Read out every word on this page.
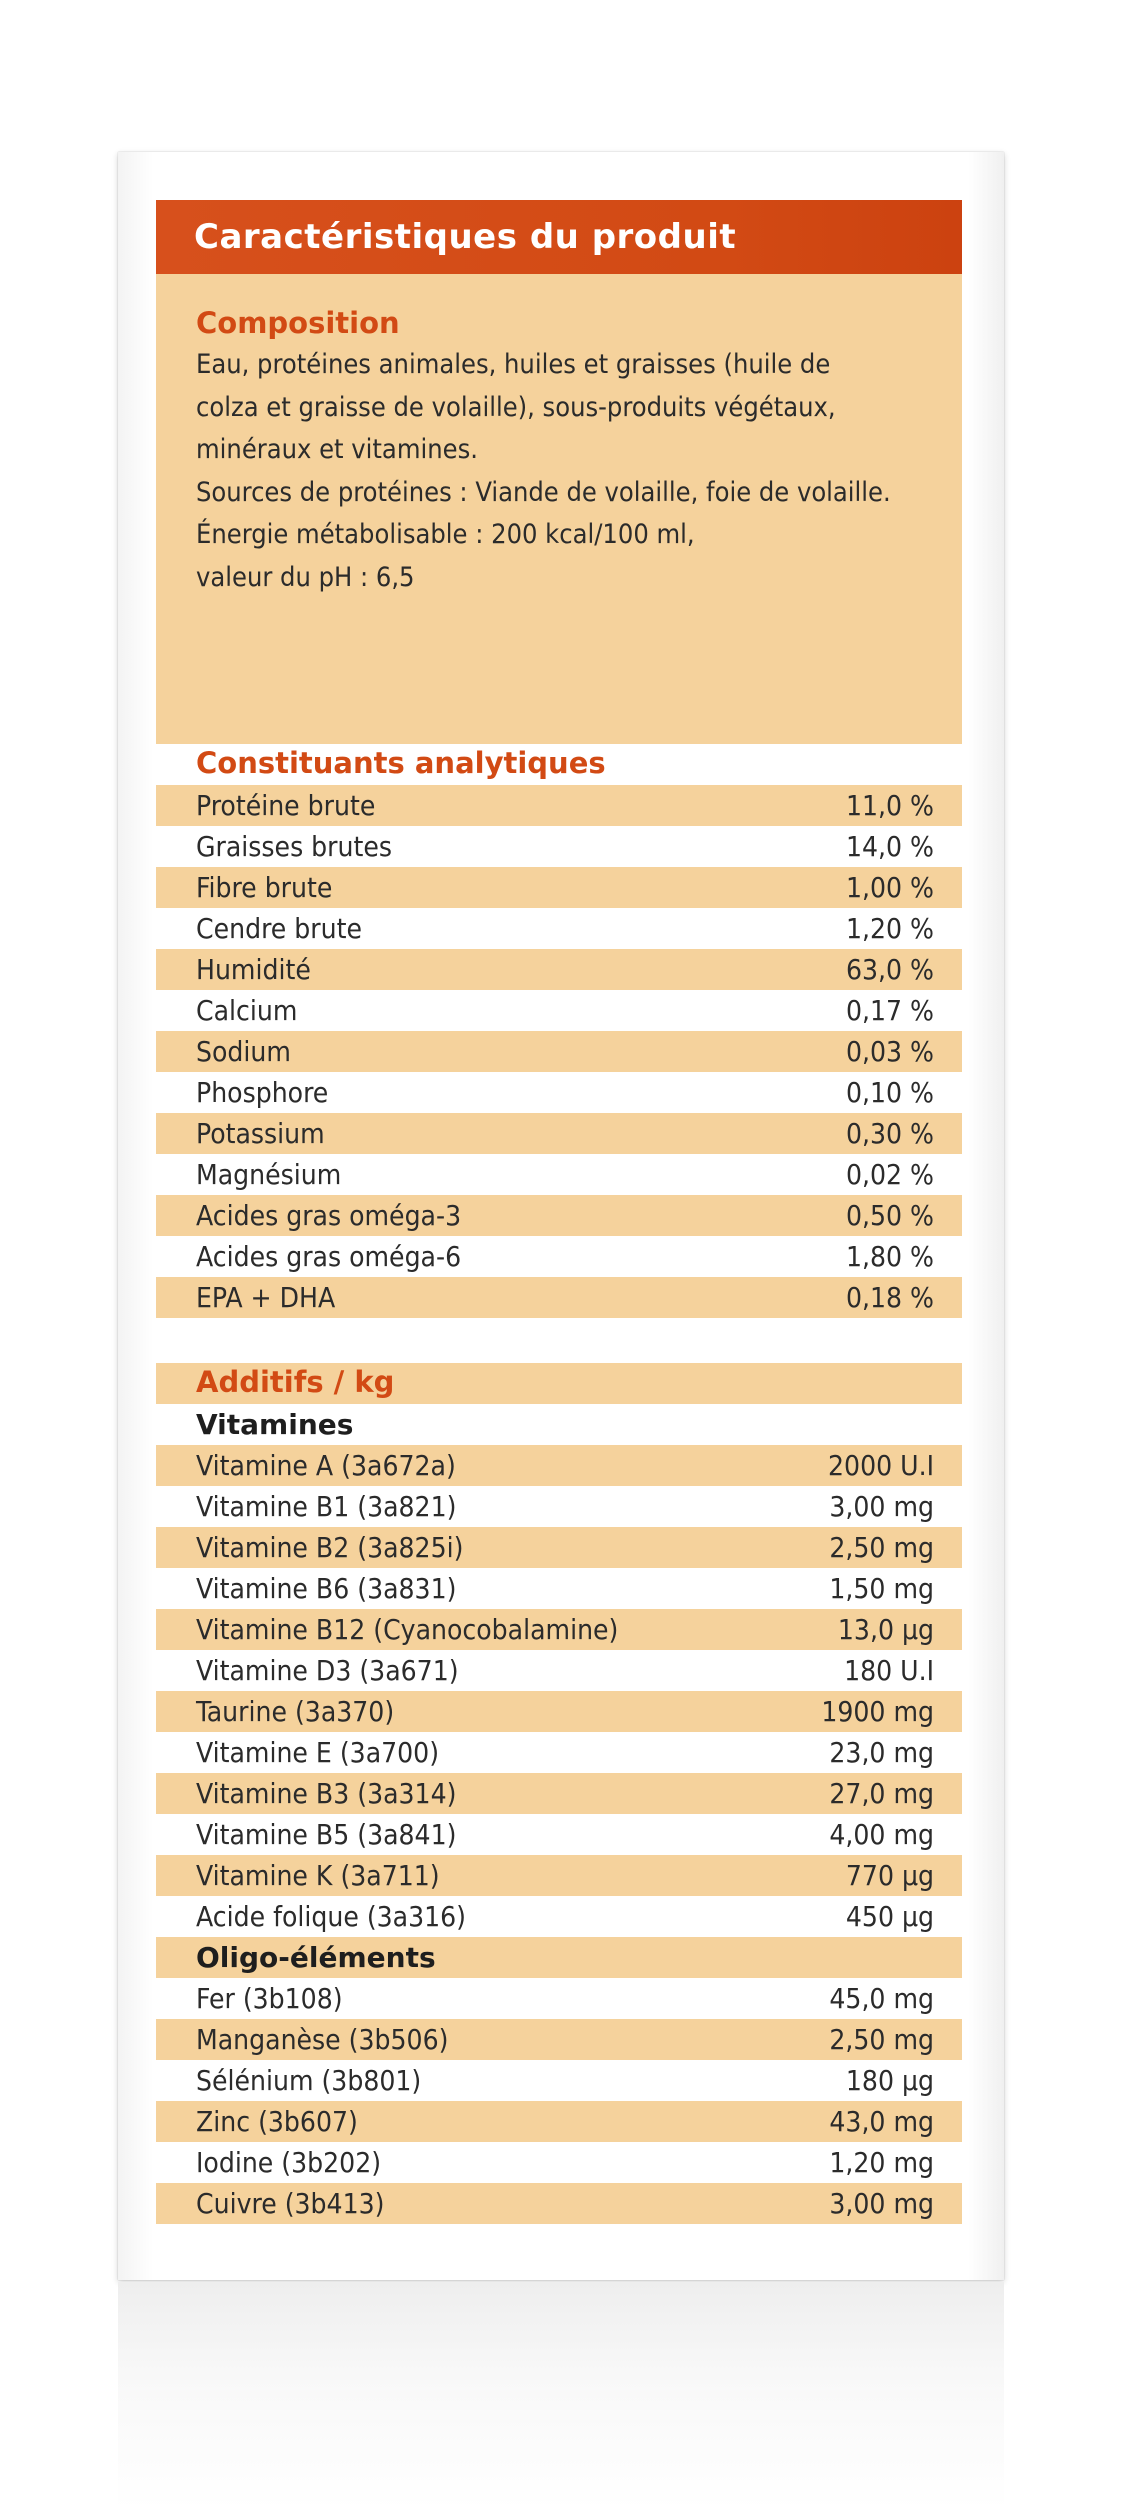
Caractéristiques du produit
Composition
Eau, protéines animales, huiles et graisses (huile de
colza et graisse de volaille), sous-produits végétaux,
minéraux et vitamines.
Sources de protéines : Viande de volaille, foie de volaille.
Énergie métabolisable : 200 kcal/100 ml,
valeur du pH : 6,5
Constituants analytiques
Protéine brute	11,0 %
Graisses brutes	14,0 %
Fibre brute	1,00 %
Cendre brute	1,20 %
Humidité	63,0 %
Calcium	0,17 %
Sodium	0,03 %
Phosphore	0,10 %
Potassium	0,30 %
Magnésium	0,02 %
Acides gras oméga-3	0,50 %
Acides gras oméga-6	1,80 %
EPA + DHA	0,18 %
Additifs / kg
Vitamines
Vitamine A (3a672a)	2000 U.I
Vitamine B1 (3a821)	3,00 mg
Vitamine B2 (3a825i)	2,50 mg
Vitamine B6 (3a831)	1,50 mg
Vitamine B12 (Cyanocobalamine)	13,0 µg
Vitamine D3 (3a671)	180 U.I
Taurine (3a370)	1900 mg
Vitamine E (3a700)	23,0 mg
Vitamine B3 (3a314)	27,0 mg
Vitamine B5 (3a841)	4,00 mg
Vitamine K (3a711)	770 µg
Acide folique (3a316)	450 µg
Oligo-éléments
Fer (3b108)	45,0 mg
Manganèse (3b506)	2,50 mg
Sélénium (3b801)	180 µg
Zinc (3b607)	43,0 mg
Iodine (3b202)	1,20 mg
Cuivre (3b413)	3,00 mg
